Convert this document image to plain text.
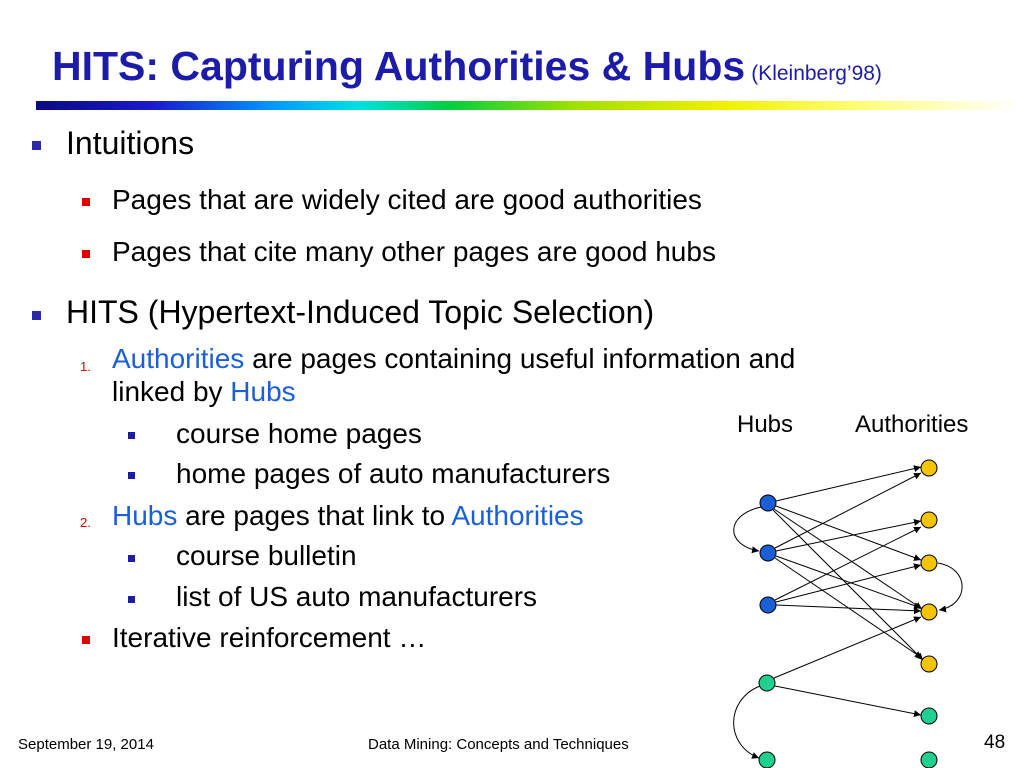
HITS: Capturing Authorities & Hubs (Kleinberg’98)
Intuitions
Pages that are widely cited are good authorities
Pages that cite many other pages are good hubs
HITS (Hypertext-Induced Topic Selection)
1. Authorities are pages containing useful information and
linked by Hubs
course home pages
home pages of auto manufacturers
2. Hubs are pages that link to Authorities
course bulletin
list of US auto manufacturers
Iterative reinforcement …
Hubs	Authorities
September 19, 2014	Data Mining: Concepts and Techniques	48
